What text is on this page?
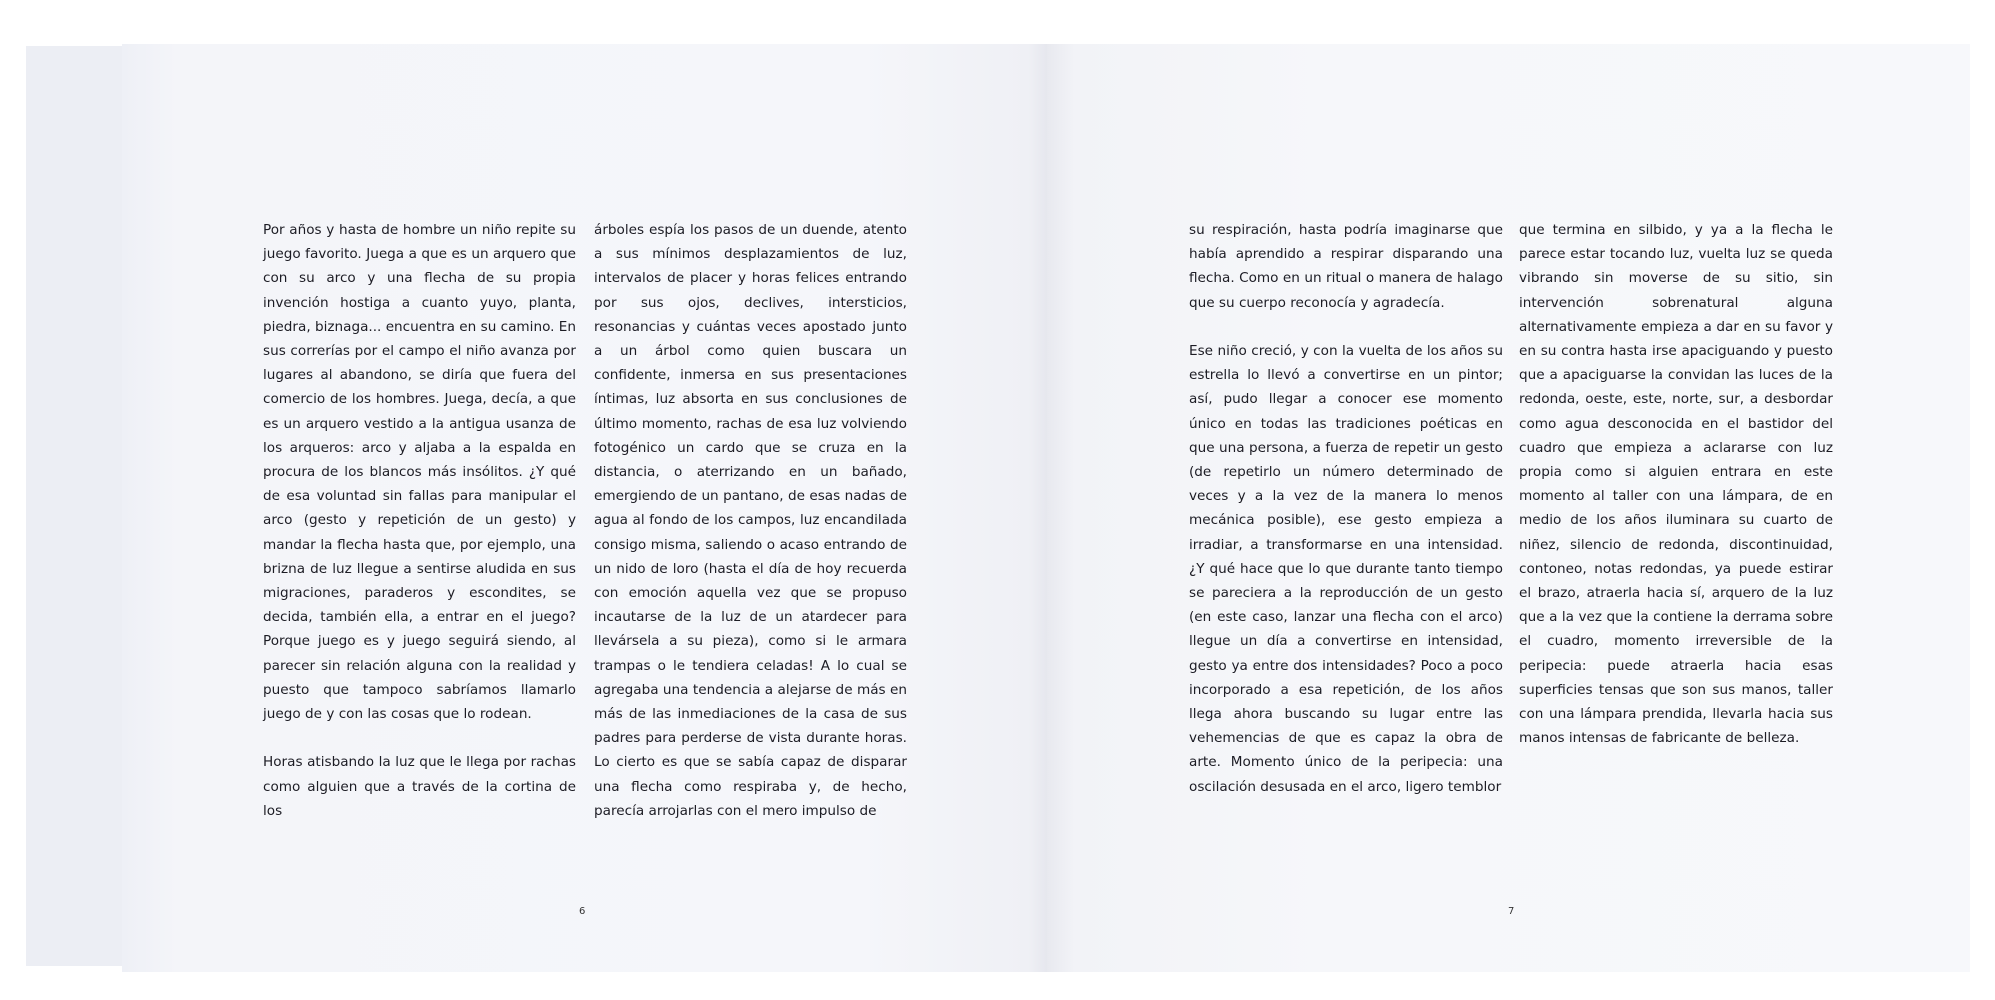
Por años y hasta de hombre un niño repite su juego favorito. Juega a que es un arquero que con su arco y una flecha de su propia invención hostiga a cuanto yuyo, planta, piedra, biznaga... encuentra en su camino. En sus correrías por el campo el niño avanza por lugares al abandono, se diría que fuera del comercio de los hombres. Juega, decía, a que es un arquero vestido a la antigua usanza de los arqueros: arco y aljaba a la espalda en procura de los blancos más insólitos. ¿Y qué de esa voluntad sin fallas para manipular el arco (gesto y repetición de un gesto) y mandar la flecha hasta que, por ejemplo, una brizna de luz llegue a sentirse aludida en sus migraciones, paraderos y escondites, se decida, también ella, a entrar en el juego? Porque juego es y juego seguirá siendo, al parecer sin relación alguna con la realidad y puesto que tampoco sabríamos llamarlo juego de y con las cosas que lo rodean.

Horas atisbando la luz que le llega por rachas como alguien que a través de la cortina de los

árboles espía los pasos de un duende, atento a sus mínimos desplazamientos de luz, intervalos de placer y horas felices entrando por sus ojos, declives, intersticios, resonancias y cuántas veces apostado junto a un árbol como quien buscara un confidente, inmersa en sus presentaciones íntimas, luz absorta en sus conclusiones de último momento, rachas de esa luz volviendo fotogénico un cardo que se cruza en la distancia, o aterrizando en un bañado, emergiendo de un pantano, de esas nadas de agua al fondo de los campos, luz encandilada consigo misma, saliendo o acaso entrando de un nido de loro (hasta el día de hoy recuerda con emoción aquella vez que se propuso incautarse de la luz de un atardecer para llevársela a su pieza), como si le armara trampas o le tendiera celadas! A lo cual se agregaba una tendencia a alejarse de más en más de las inmediaciones de la casa de sus padres para perderse de vista durante horas. Lo cierto es que se sabía capaz de disparar una flecha como respiraba y, de hecho, parecía arrojarlas con el mero impulso de

su respiración, hasta podría imaginarse que había aprendido a respirar disparando una flecha. Como en un ritual o manera de halago que su cuerpo reconocía y agradecía.

Ese niño creció, y con la vuelta de los años su estrella lo llevó a convertirse en un pintor; así, pudo llegar a conocer ese momento único en todas las tradiciones poéticas en que una persona, a fuerza de repetir un gesto (de repetirlo un número determinado de veces y a la vez de la manera lo menos mecánica posible), ese gesto empieza a irradiar, a transformarse en una intensidad. ¿Y qué hace que lo que durante tanto tiempo se pareciera a la reproducción de un gesto (en este caso, lanzar una flecha con el arco) llegue un día a convertirse en intensidad, gesto ya entre dos intensidades? Poco a poco incorporado a esa repetición, de los años llega ahora buscando su lugar entre las vehemencias de que es capaz la obra de arte. Momento único de la peripecia: una oscilación desusada en el arco, ligero temblor

que termina en silbido, y ya a la flecha le parece estar tocando luz, vuelta luz se queda vibrando sin moverse de su sitio, sin intervención sobrenatural alguna alternativamente empieza a dar en su favor y en su contra hasta irse apaciguando y puesto que a apaciguarse la convidan las luces de la redonda, oeste, este, norte, sur, a desbordar como agua desconocida en el bastidor del cuadro que empieza a aclararse con luz propia como si alguien entrara en este momento al taller con una lámpara, de en medio de los años iluminara su cuarto de niñez, silencio de redonda, discontinuidad, contoneo, notas redondas, ya puede estirar el brazo, atraerla hacia sí, arquero de la luz que a la vez que la contiene la derrama sobre el cuadro, momento irreversible de la peripecia: puede atraerla hacia esas superficies tensas que son sus manos, taller con una lámpara prendida, llevarla hacia sus manos intensas de fabricante de belleza.

6	7
